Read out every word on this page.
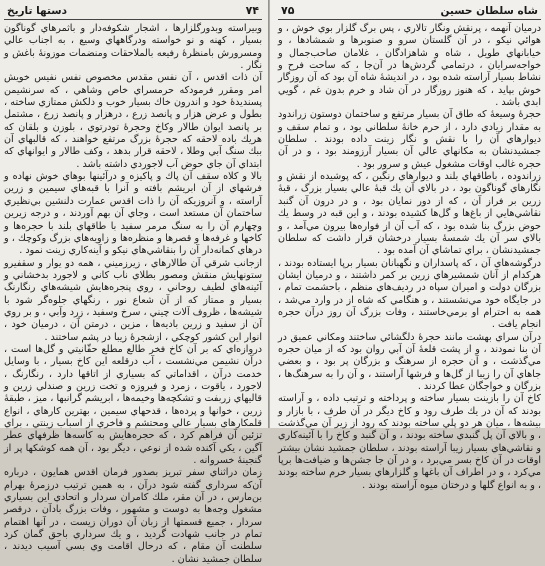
۷۴
دستها تاريخ

وبيراسته وبدورگلزارها ، اشجار شكوفه‌دار و باثمرهاي گوناگون بسيار ، كهنه و نو خواسته ودرگاههاي وسيع ، به اجناب عالي ومسرورش بامنظرهٔ رفيعه بالملاحقات ومنضمات موزونهٔ باغش و نگار .

آن ذات اقدس ، آن نفس مقدس مخصوص نفس نفيس خويش امر ومقرر فرمودكه حرمسراي خاص وشاهي ، كه سرنشيمن پسنديدهٔ خود و اندرون خاك بسيار خوب و دلكش ممتازي ساخته ، بطول و عرض هزار و پانصد زرع ، درهزار و پانصد زرع ، مشتمل بر پانصد ايوان طالار وكاخ وحجرهٔ تودرتوي ، بلوزن و بلقان كه هريك باده لاحقه كه حجرهٔ بزرگ مرتفع خواهند ، كه قالبهاي آن ببك سنگ آبي وطلا ، لاحقه قرار بدهد ، وكف طالار و ايوانهاي كه ابتداي آن جاي حوض آب لاجوردي داشته باشد .

بالا و كلاه سقف آن پاك و پاكيزه و درآئينها بوهاي خوش نهاده و فرشهاي از آن ابريشم بافته و آنرا با قبه‌هاي سيمين و زرين آراسته ، و آنروزيكه آن را ذات اقدس عمارت دلنشين بي‌نظيري ساختمان آن مستعد است ، وجاي آن بهم آوردند ، و درجه زيرين وچهارم آن را به سنگ مرمر سفيد با طاقهاي بلند با حجره‌ها و كاخها و غرفه‌ها و قصرها و منظره‌ها و زاويه‌هاي بزرگ وكوچك ، و درهاي كمانه‌دار آن را بنقاشي‌هاي نيكو و آينه‌كاري زينت نمود .

ازجانب شرقي آن طالارهاي ، زيرزميني ، همه دو يوار و سقفيرو ستونهايش منقش ومصور بطلاي ناب كاني و لاجورد بدخشاني و آئينه‌هاي لطيف روحاني ، روي پنجره‌هايش شيشه‌هاي رنگارنگ بسيار و ممتاز كه از آن شعاع نور ، رنگهاي جلوه‌گر شود با شيشه‌ها ، ظروف آلات چيني ، سرخ وسفيد ، زرد وآبي ، و بر روي آن از سفيد و زرين باديه‌ها ، مزين ، درمتن آن ، درميان خود ، انوار اين كشور كوچكي ، ازشجرهٔ زيبا در پشم ساختند .

دروازه‌اي كه بر آن كاخ فخر طالع مطلع حقّانيتي و گل‌ها است ، درآن نشيمن مي‌نشست ، آب درقلعه‌ اين كاخ بسيار ، با وسايل خدمت درآن ، اقداماتي كه بسياري از اتاقها دارد ، رنگارنگ ، لاجورد ، ياقوت ، زمرد و فيروزه و تخت زرين و صندلي زرين و قاليهاي زربفت و تشكچه‌ها وخيمه‌ها ، ابريشم گرانبها ، ميز ، طبقهٔ زرين ، خوانها و پرده‌ها ، قدحهاي سيمين ، بهترين كارهاي ، انواع قلمكارهاي بسيار عالي ومحتشم و فاخري از اسباب زينتي ، براي تزئين آن فراهم كرد ، كه حجره‌هايش به كاسه‌ها ظرفهاي عطر آگين ، يكي آكنده شده از نوعي ، ديگر بود ، آن همه كوشكها پر از گنجينهٔ خسروانه .

زمان دراثناي سفر تبريز بصدور فرمان اقدس همايون ، درباره آن‌كه سرداري گفته شود درآن ، به همين ترتيب درزمرهٔ بهرام بن‌مارس ، در آن مقر، ملك كامران سردار و اتحادي اين بسياري مشغول وجه‌ها به دوست و مشهور ، وفات بزرگ بادآن ، درقصر سردار ، جميع قسمتها از زبان آن دوران زيست ، در آنها اهتمام تمام در جانب شهادت گرديد ، و يك سرداري باحق گمان كرد سلطنت آن مقام ، كه درحال اقامت وي بسي آسيب ديدند ، سلطان جمشيد نشان .

شاه سلطان حسين
۷۵

درميان آنهمه ، پرنقش ونگار تالاري ، پس برگ گلزار بوي خوش ، و هوائي نيكو ، در آن گلستان سرو و صنوبرها و شمشادها ، و خيابانهاي طويل ، شاه و شاهزادگان ، غلامان صاحب‌جمال و خواجه‌سرايان ، درتمامي گردش‌ها در آن‌جا ، كه ساحت فرح و نشاط بسيار آراسته شده بود ، در انديشهٔ شاه آن بود كه آن روزگار خوش بپايد ، كه هنوز روزگار در آن شاد و خرم بدون غم ، گويي ابدي باشد .

حجرهٔ وسيعهٔ كه طاق آن بسيار مرتفع و ساختمان دوستون زراندود به مقدار زيادي دارد ، از حرم خانهٔ سلطاني بود ، و تمام سقف و ديوارهاي آن را با نقش و نگار زينت داده بودند . سلطان جمشيدنشان به مكانهاي عالي آن بسيار آرزومند بود ، و در آن حجره غالب اوقات مشغول عيش و سرور بود .

زراندوده ، باطاقهاي بلند و ديوارهاي رنگين ، كه پوشيده از نقش و نگارهاي گوناگون بود ، در بالاي آن يك قبهٔ عالي بسيار بزرگ ، قبهٔ زرين بر فراز آن ، كه از دور نمايان بود ، و در درون آن گنبد نقاشي‌هايي از باغ‌ها و گل‌ها كشيده بودند ، و اين قبه در وسط يك حوض بزرگ بنا شده بود ، كه آب آن از فواره‌ها بيرون مي‌آمد ، و بالاي سر آن يك شمسهٔ بسيار درخشان قرار داشت كه سلطان جمشيدنشان ، براي تماشاي آن آمده بود .

درگوشه‌هاي آن ، كه پاسداران و نگهبانان بسيار برپا ايستاده بودند ، هركدام از آنان شمشيرهاي زرين بر كمر داشتند ، و درميان ايشان بزرگان دولت و اميران سپاه در رديف‌هاي منظم ، باحشمت تمام ، در جايگاه خود مي‌نشستند ، و هنگامي كه شاه از در وارد مي‌شد ، همه به احترام او برمي‌خاستند ، وفات بزرگ آن روز درآن حجره انجام يافت .

درآن سراي بهشت مانند حجرهٔ دلگشائي ساختند ومكاني عميق در آن بنا نمودند ، و از پشت قلعهٔ آن آبي روان بود كه از ميان حجره مي‌گذشت ، و آن حجره از سرهنگ و بزرگان پر بود ، و بعضي جاهاي آن را زيبا از گل‌ها و فرشها آراستند ، و آن را به سرهنگ‌ها ، بزرگان و خواجگان عطا كردند .

كاخ آن را بازينت بسيار ساخته و پرداخته و ترتيب داده ، و آراسته بودند كه آن در يك طرف رود و كاخ ديگر در آن طرف ، با بازار و بيشه‌ها ، ميان هر دو پلي ساخته بودند كه رود از زير آن مي‌گذشت ، و بالاي آن پل گنبدي ساخته بودند ، و آن گنبد و كاخ را با آئينه‌كاري و نقاشي‌هاي بسيار زيبا آراسته بودند ، سلطان جمشيد نشان بيشتر اوقات در آن كاخ بسر مي‌برد ، و در آن جا جشن‌ها و ضيافت‌ها برپا مي‌كرد ، و در اطراف آن باغها و گلزارهاي بسيار خرم ساخته بودند ، و به انواع گلها و درختان ميوه آراسته بودند .
